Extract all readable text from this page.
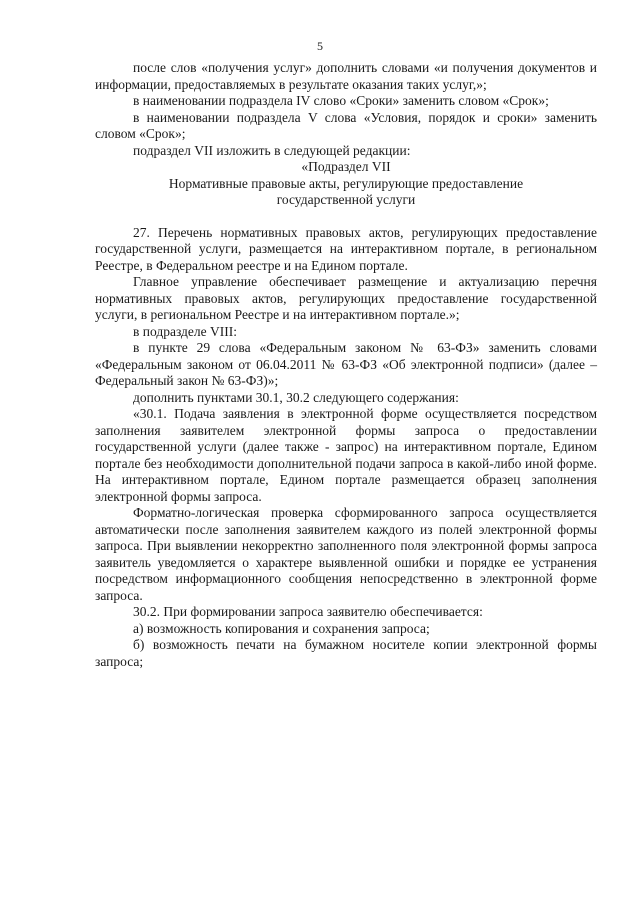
5

после слов «получения услуг» дополнить словами «и получения документов и информации, предоставляемых в результате оказания таких услуг,»;

в наименовании подраздела IV слово «Сроки» заменить словом «Срок»;

в наименовании подраздела V слова «Условия, порядок и сроки» заменить словом «Срок»;

подраздел VII изложить в следующей редакции:

«Подраздел VII

Нормативные правовые акты, регулирующие предоставление государственной услуги

27. Перечень нормативных правовых актов, регулирующих предоставление государственной услуги, размещается на интерактивном портале, в региональном Реестре, в Федеральном реестре и на Едином портале.

Главное управление обеспечивает размещение и актуализацию перечня нормативных правовых актов, регулирующих предоставление государственной услуги, в региональном Реестре и на интерактивном портале.»;

в подразделе VIII:

в пункте 29 слова «Федеральным законом № 63-ФЗ» заменить словами «Федеральным законом от 06.04.2011 № 63-ФЗ «Об электронной подписи» (далее – Федеральный закон № 63-ФЗ)»;

дополнить пунктами 30.1, 30.2 следующего содержания:

«30.1. Подача заявления в электронной форме осуществляется посредством заполнения заявителем электронной формы запроса о предоставлении государственной услуги (далее также - запрос) на интерактивном портале, Едином портале без необходимости дополнительной подачи запроса в какой-либо иной форме. На интерактивном портале, Едином портале размещается образец заполнения электронной формы запроса.

Форматно-логическая проверка сформированного запроса осуществляется автоматически после заполнения заявителем каждого из полей электронной формы запроса. При выявлении некорректно заполненного поля электронной формы запроса заявитель уведомляется о характере выявленной ошибки и порядке ее устранения посредством информационного сообщения непосредственно в электронной форме запроса.

30.2. При формировании запроса заявителю обеспечивается:

а) возможность копирования и сохранения запроса;

б) возможность печати на бумажном носителе копии электронной формы запроса;
